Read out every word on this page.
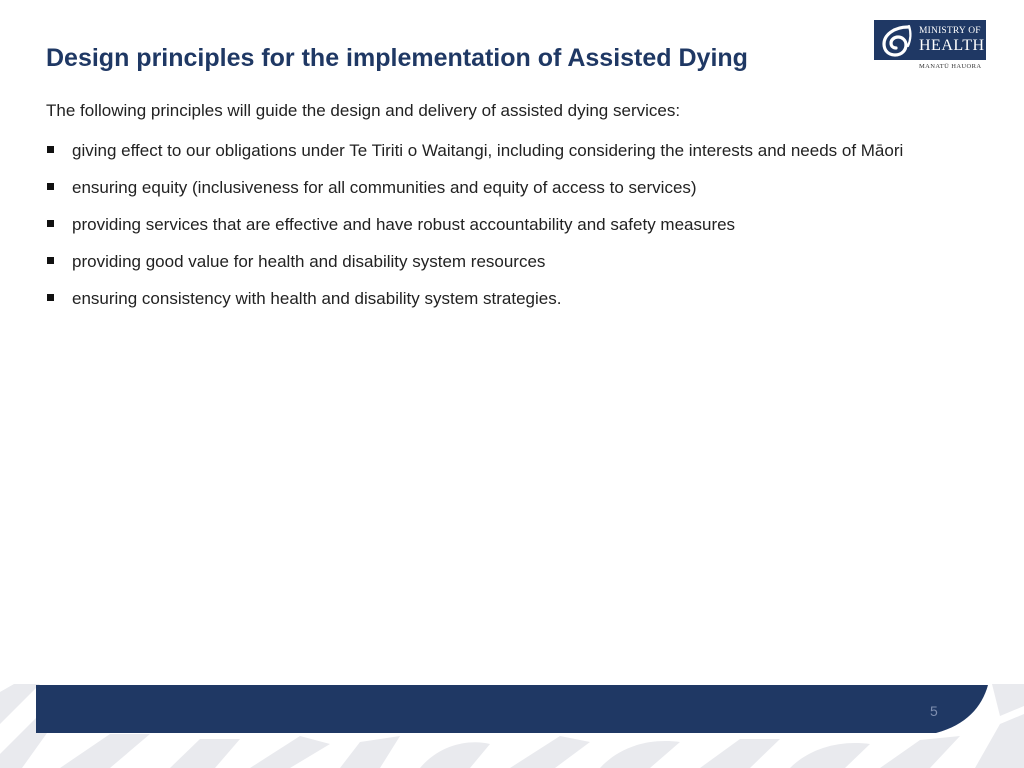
Design principles for the implementation of Assisted Dying
MINISTRY OF
HEALTH
MANATŪ HAUORA
The following principles will guide the design and delivery of assisted dying services:
giving effect to our obligations under Te Tiriti o Waitangi, including considering the interests and needs of Māori
ensuring equity (inclusiveness for all communities and equity of access to services)
providing services that are effective and have robust accountability and safety measures
providing good value for health and disability system resources
ensuring consistency with health and disability system strategies.
5
